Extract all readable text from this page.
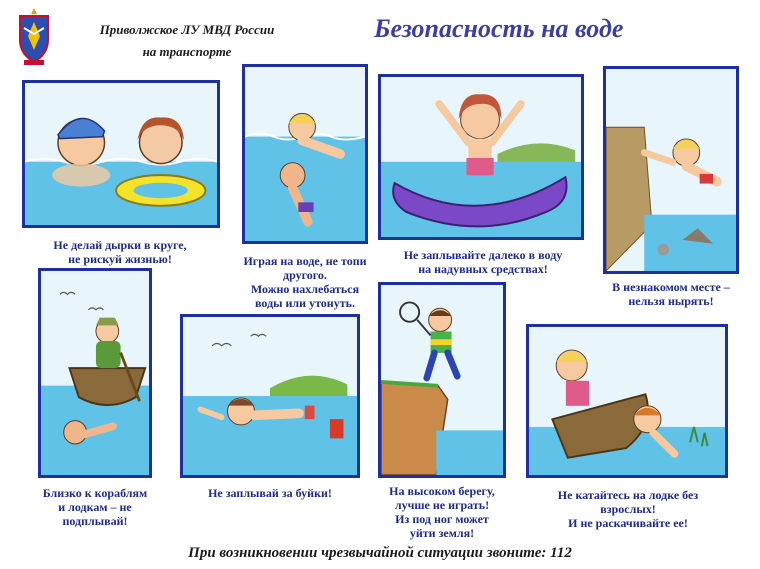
Приволжское ЛУ МВД России
на транспорте
Безопасность на воде
Не делай дырки в круге,
не рискуй жизнью!	Играя на воде, не топи
другого.
Можно нахлебаться
воды или утонуть.
Не заплывайте далеко в воду
на надувных средствах!
В незнакомом месте –
нельзя нырять!
Близко к кораблям
и лодкам – не
подплывай!
Не заплывай за буйки!	На высоком берегу,
лучше не играть!
Из под ног может
уйти земля!
Не катайтесь на лодке без
взрослых!
И не раскачивайте ее!
При возникновении чрезвычайной ситуации звоните: 112
